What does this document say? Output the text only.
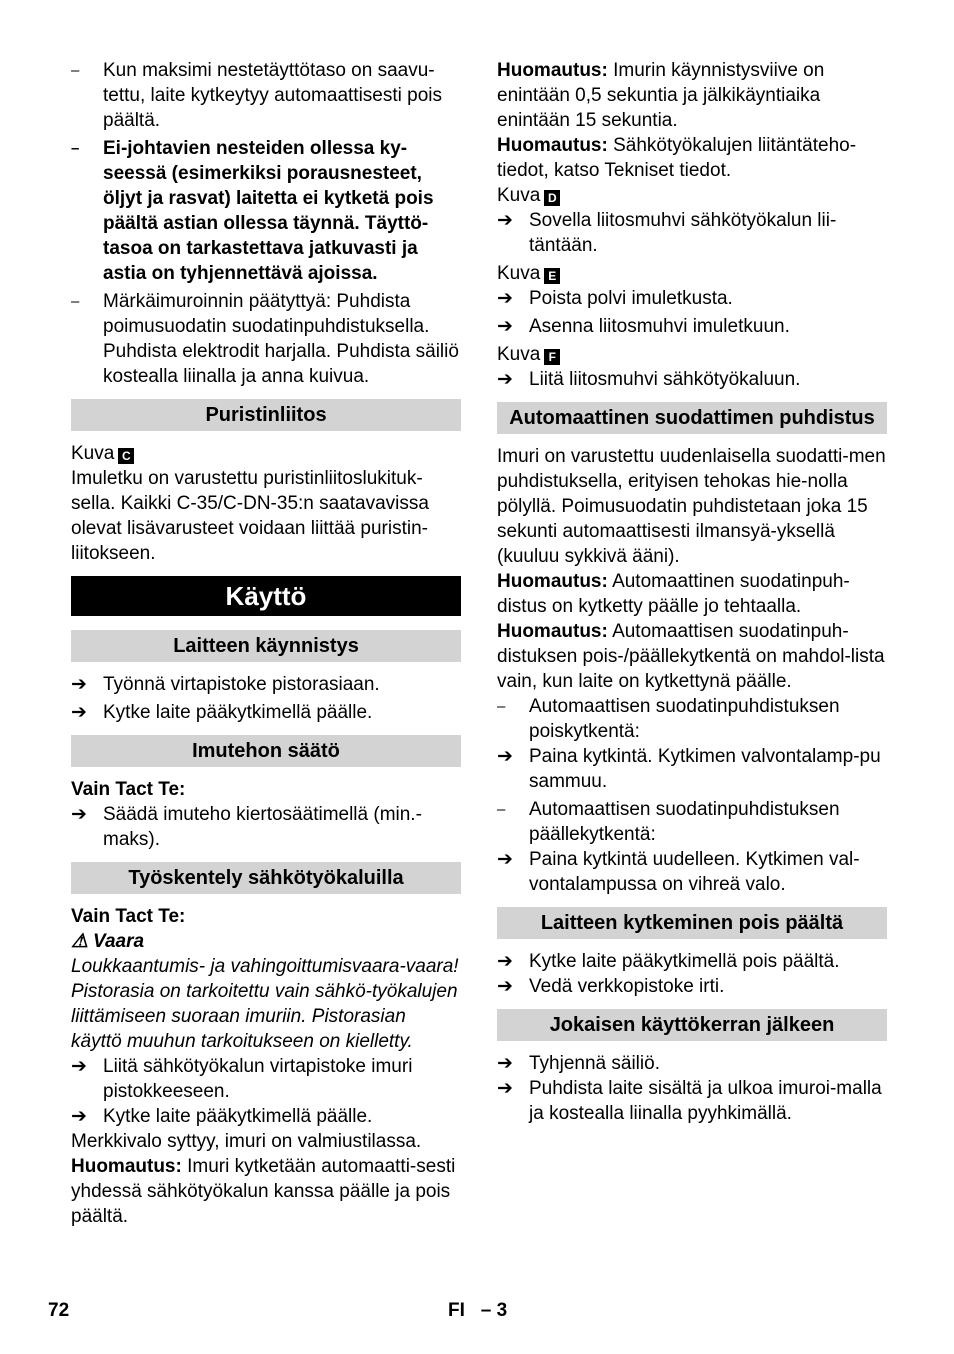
–	Kun maksimi nestetäyttötaso on saavu-tettu, laite kytkeytyy automaattisesti pois päältä.

–	Ei-johtavien nesteiden ollessa ky-seessä (esimerkiksi porausnesteet, öljyt ja rasvat) laitetta ei kytketä pois päältä astian ollessa täynnä. Täyttö-tasoa on tarkastettava jatkuvasti ja astia on tyhjennettävä ajoissa.

–	Märkäimuroinnin päätyttyä: Puhdista poimusuodatin suodatinpuhdistuksella. Puhdista elektrodit harjalla. Puhdista säiliö kostealla liinalla ja anna kuivua.

Puristinliitos

Kuva C

Imuletku on varustettu puristinliitoslukituk-sella. Kaikki C-35/C-DN-35:n saatavavissa olevat lisävarusteet voidaan liittää puristin-liitokseen.

Käyttö
Laitteen käynnistys

➔ Työnnä virtapistoke pistorasiaan.

➔ Kytke laite pääkytkimellä päälle.

Imutehon säätö

Vain Tact Te:

➔ Säädä imuteho kiertosäätimellä (min.-maks).

Työskentely sähkötyökaluilla

Vain Tact Te:

⚠ Vaara

Loukkaantumis- ja vahingoittumisvaara-vaara! Pistorasia on tarkoitettu vain sähkö-työkalujen liittämiseen suoraan imuriin. Pistorasian käyttö muuhun tarkoitukseen on kielletty.

➔ Liitä sähkötyökalun virtapistoke imuri pistokkeeseen.

➔ Kytke laite pääkytkimellä päälle.

Merkkivalo syttyy, imuri on valmiustilassa.

Huomautus: Imuri kytketään automaatti-sesti yhdessä sähkötyökalun kanssa päälle ja pois päältä.

Huomautus: Imurin käynnistysviive on enintään 0,5 sekuntia ja jälkikäyntiaika enintään 15 sekuntia.

Huomautus: Sähkötyökalujen liitäntäteho-tiedot, katso Tekniset tiedot.

Kuva D

➔ Sovella liitosmuhvi sähkötyökalun lii-täntään.

Kuva E

➔ Poista polvi imuletkusta.

➔ Asenna liitosmuhvi imuletkuun.

Kuva F

➔ Liitä liitosmuhvi sähkötyökaluun.

Automaattinen suodattimen puhdistus

Imuri on varustettu uudenlaisella suodatti-men puhdistuksella, erityisen tehokas hie-nolla pölyllä. Poimusuodatin puhdistetaan joka 15 sekunti automaattisesti ilmansyä-yksellä (kuuluu sykkivä ääni).

Huomautus: Automaattinen suodatinpuh-distus on kytketty päälle jo tehtaalla.

Huomautus: Automaattisen suodatinpuh-distuksen pois-/päällekytkentä on mahdol-lista vain, kun laite on kytkettynä päälle.

–	Automaattisen suodatinpuhdistuksen poiskytkentä:

➔ Paina kytkintä. Kytkimen valvontalamp-pu sammuu.

–	Automaattisen suodatinpuhdistuksen päällekytkentä:

➔ Paina kytkintä uudelleen. Kytkimen val-vontalampussa on vihreä valo.

Laitteen kytkeminen pois päältä

➔ Kytke laite pääkytkimellä pois päältä.

➔ Vedä verkkopistoke irti.

Jokaisen käyttökerran jälkeen

➔ Tyhjennä säiliö.

➔ Puhdista laite sisältä ja ulkoa imuroi-malla ja kostealla liinalla pyyhkimällä.

72	FI   – 3
